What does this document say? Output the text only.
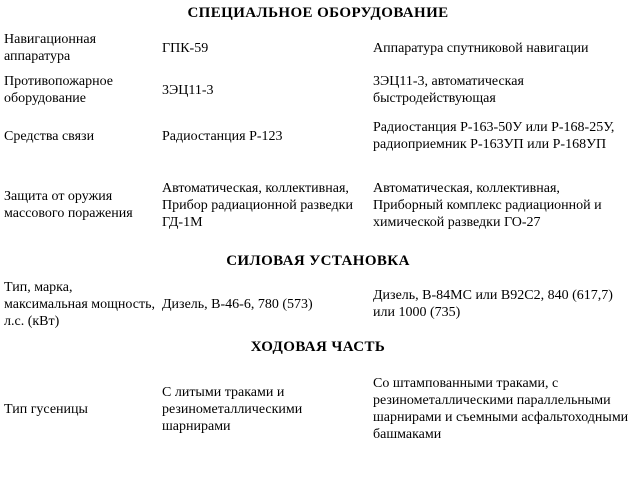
СПЕЦИАЛЬНОЕ ОБОРУДОВАНИЕ		
Навигационная аппаратура	ГПК-59	Аппаратура спутниковой навигации
Противопожарное оборудование	3ЭЦ11-3	3ЭЦ11-3, автоматическая быстродействующая
Средства связи	Радиостанция Р-123	Радиостанция Р-163-50У или Р-168-25У, радиоприемник Р-163УП или Р-168УП
Защита от оружия массового поражения	Автоматическая, коллективная, Прибор радиационной разведки ГД-1М	Автоматическая, коллективная, Приборный комплекс радиационной и химической разведки ГО-27
СИЛОВАЯ УСТАНОВКА		
Тип, марка, максимальная мощность, л.с. (кВт)	Дизель, В-46-6, 780 (573)	Дизель, В-84МС или В92С2, 840 (617,7) или 1000 (735)
ХОДОВАЯ ЧАСТЬ		
Тип гусеницы	С литыми траками и резинометаллическими шарнирами	Со штампованными траками, с резинометаллическими параллельными шарнирами и съемными асфальтоходными башмаками
